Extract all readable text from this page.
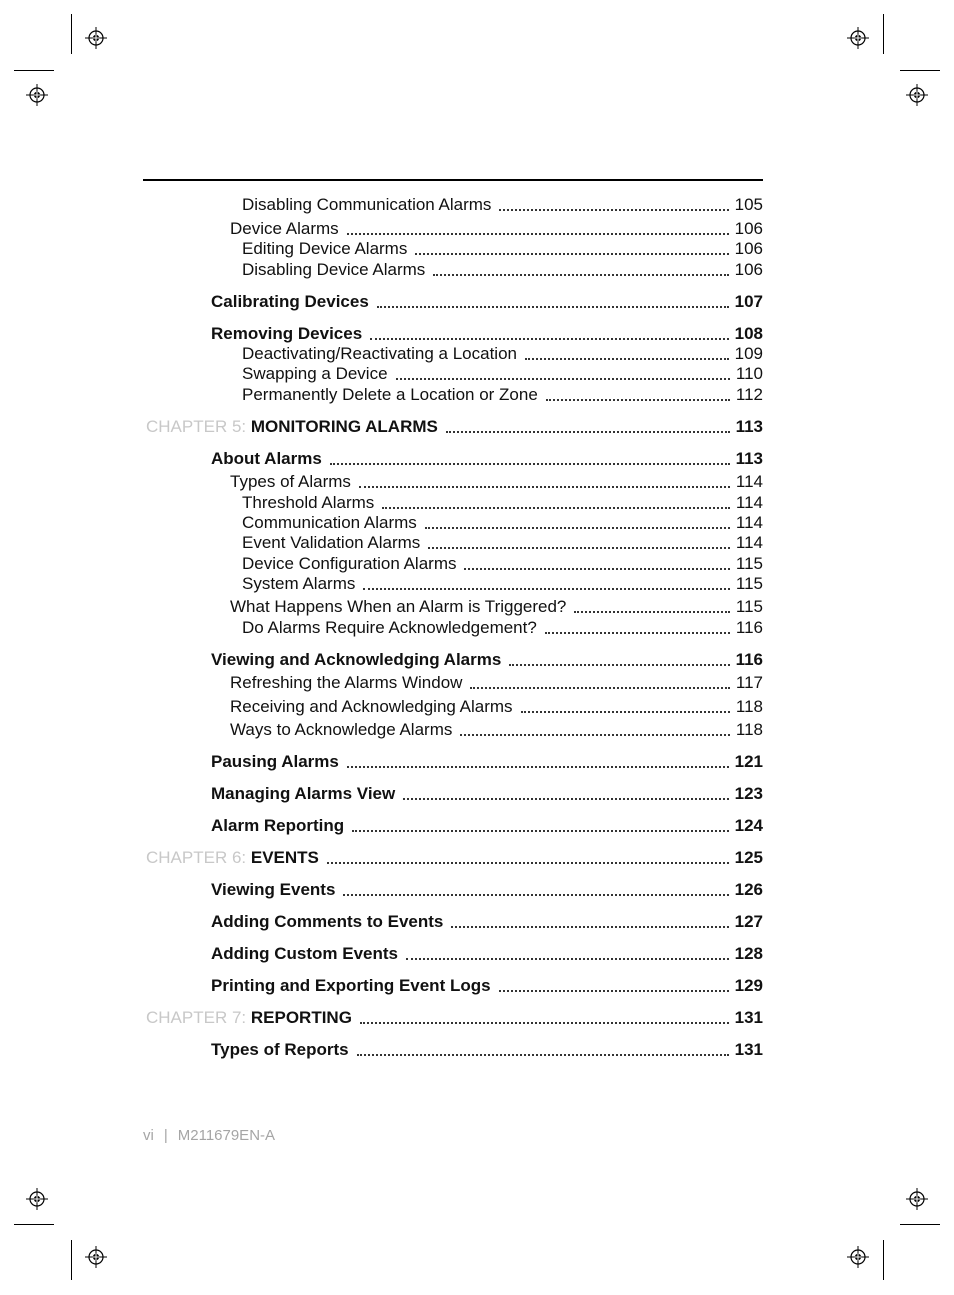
Disabling Communication Alarms	105
Device Alarms	106
Editing Device Alarms	106
Disabling Device Alarms	106
Calibrating Devices	107
Removing Devices	108
Deactivating/Reactivating a Location	109
Swapping a Device	110
Permanently Delete a Location or Zone	112
CHAPTER 5: MONITORING ALARMS	113
About Alarms	113
Types of Alarms	114
Threshold Alarms	114
Communication Alarms	114
Event Validation Alarms	114
Device Configuration Alarms	115
System Alarms	115
What Happens When an Alarm is Triggered?	115
Do Alarms Require Acknowledgement?	116
Viewing and Acknowledging Alarms	116
Refreshing the Alarms Window	117
Receiving and Acknowledging Alarms	118
Ways to Acknowledge Alarms	118
Pausing Alarms	121
Managing Alarms View	123
Alarm Reporting	124
CHAPTER 6: EVENTS	125
Viewing Events	126
Adding Comments to Events	127
Adding Custom Events	128
Printing and Exporting Event Logs	129
CHAPTER 7: REPORTING	131
Types of Reports	131
vi | M211679EN-A
